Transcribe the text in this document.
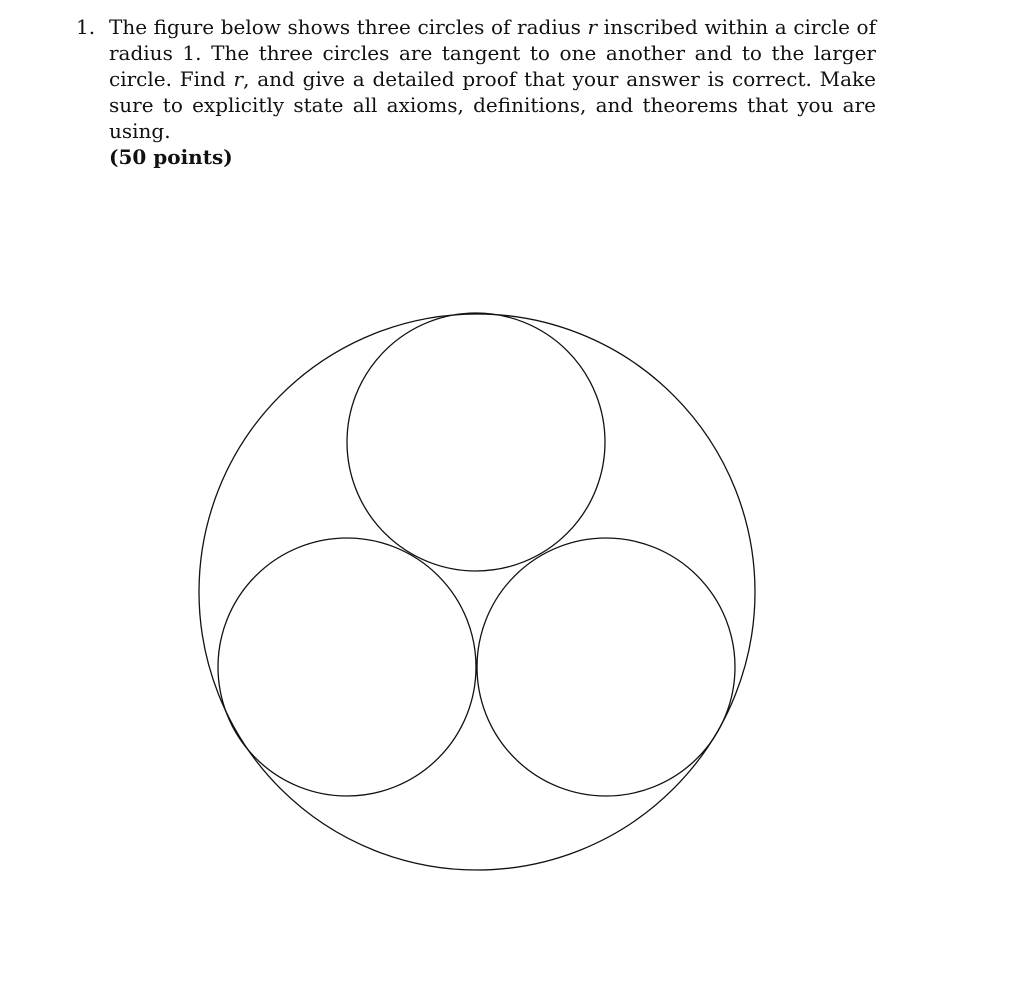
1. The figure below shows three circles of radius r inscribed within a circle of radius 1. The three circles are tangent to one another and to the larger circle. Find r, and give a detailed proof that your answer is correct. Make sure to explicitly state all axioms, definitions, and theorems that you are using.
(50 points)
